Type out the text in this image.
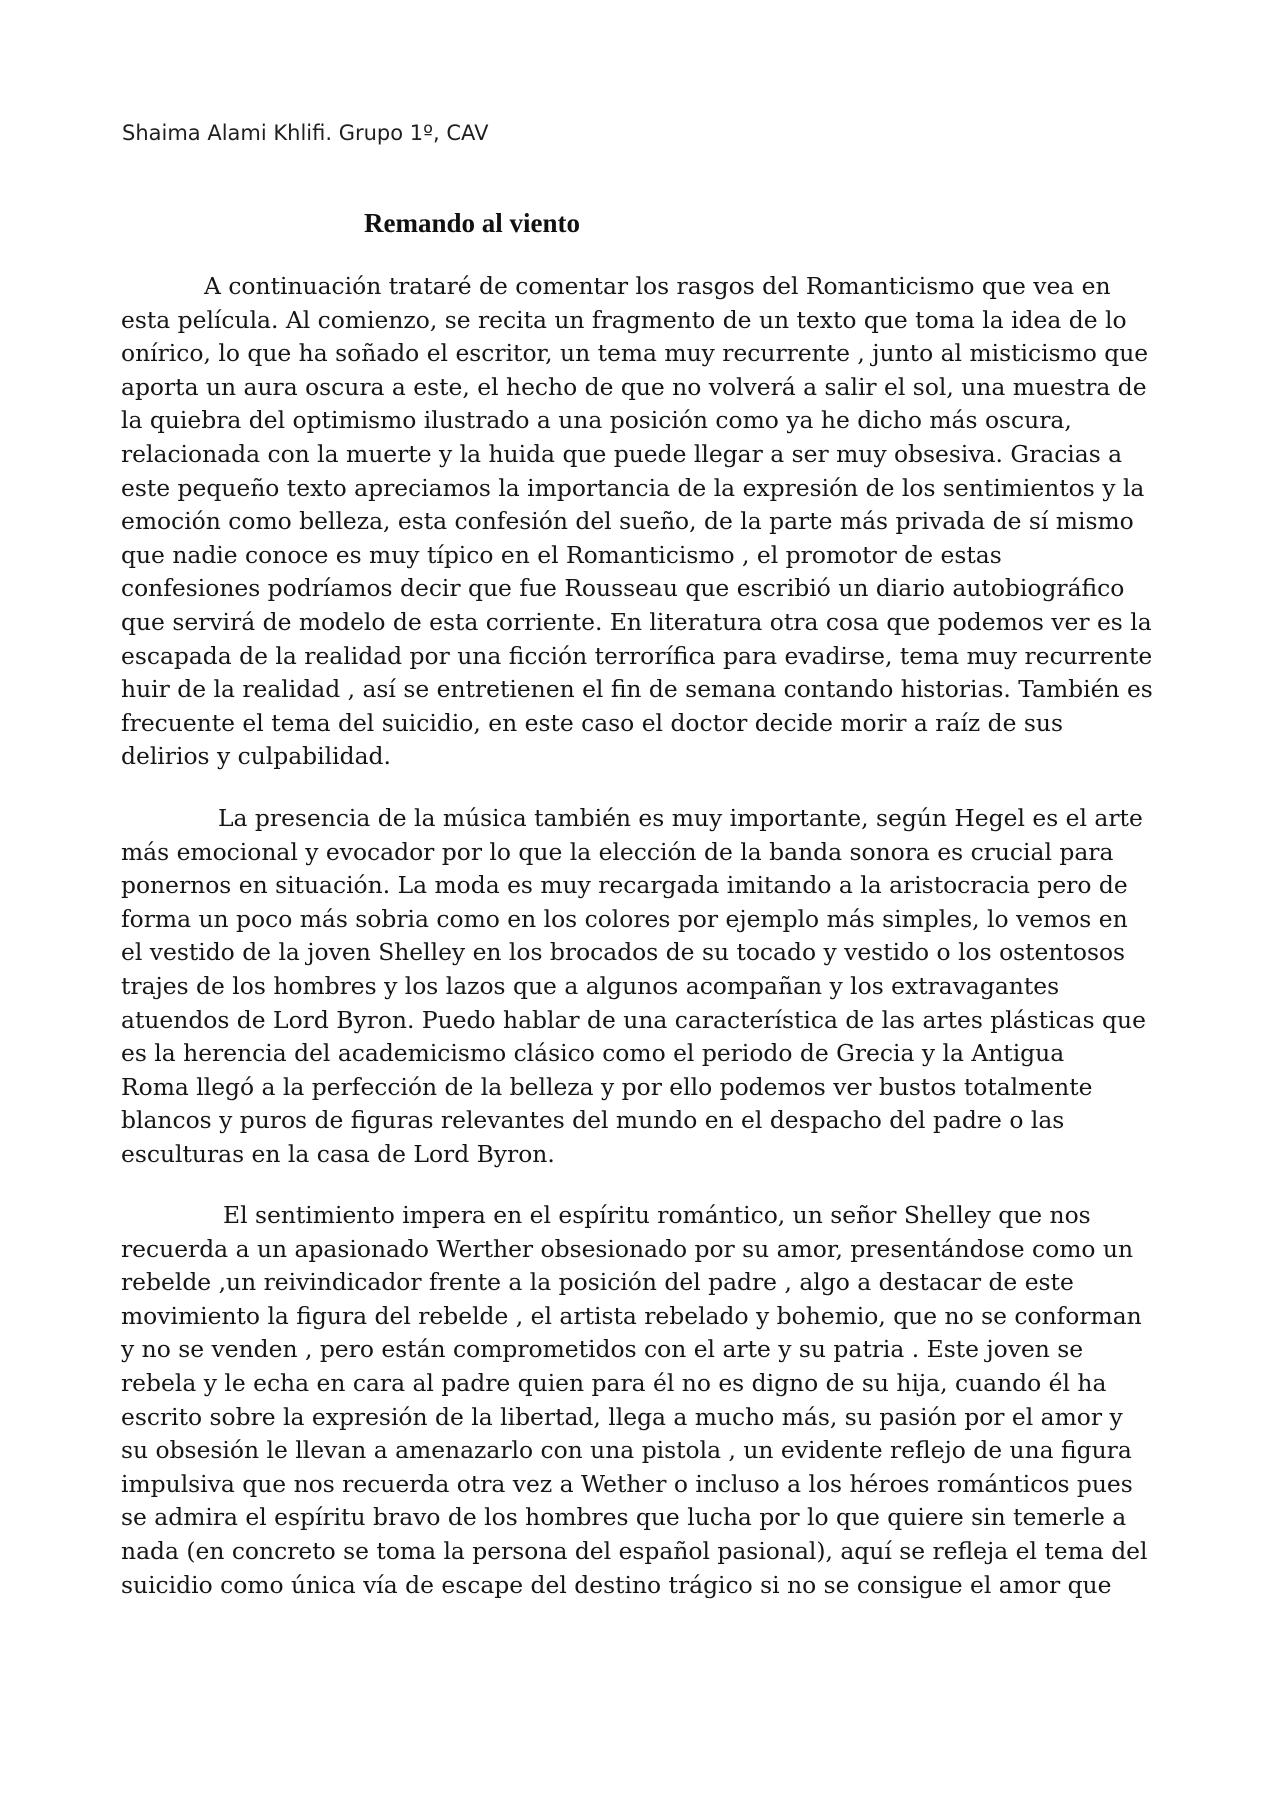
Shaima Alami Khlifi. Grupo 1º, CAV
Remando al viento
A continuación trataré de comentar los rasgos del Romanticismo que vea en
esta película. Al comienzo, se recita un fragmento de un texto que toma la idea de lo
onírico, lo que ha soñado el escritor, un tema muy recurrente , junto al misticismo que
aporta un aura oscura a este, el hecho de que no volverá a salir el sol, una muestra de
la quiebra del optimismo ilustrado a una posición como ya he dicho más oscura,
relacionada con la muerte y la huida que puede llegar a ser muy obsesiva. Gracias a
este pequeño texto apreciamos la importancia de la expresión de los sentimientos y la
emoción como belleza, esta confesión del sueño, de la parte más privada de sí mismo
que nadie conoce es muy típico en el Romanticismo , el promotor de estas
confesiones podríamos decir que fue Rousseau que escribió un diario autobiográfico
que servirá de modelo de esta corriente. En literatura otra cosa que podemos ver es la
escapada de la realidad por una ficción terrorífica para evadirse, tema muy recurrente
huir de la realidad , así se entretienen el fin de semana contando historias. También es
frecuente el tema del suicidio, en este caso el doctor decide morir a raíz de sus
delirios y culpabilidad.
La presencia de la música también es muy importante, según Hegel es el arte
más emocional y evocador por lo que la elección de la banda sonora es crucial para
ponernos en situación. La moda es muy recargada imitando a la aristocracia pero de
forma un poco más sobria como en los colores por ejemplo más simples, lo vemos en
el vestido de la joven Shelley en los brocados de su tocado y vestido o los ostentosos
trajes de los hombres y los lazos que a algunos acompañan y los extravagantes
atuendos de Lord Byron. Puedo hablar de una característica de las artes plásticas que
es la herencia del academicismo clásico como el periodo de Grecia y la Antigua
Roma llegó a la perfección de la belleza y por ello podemos ver bustos totalmente
blancos y puros de figuras relevantes del mundo en el despacho del padre o las
esculturas en la casa de Lord Byron.
El sentimiento impera en el espíritu romántico, un señor Shelley que nos
recuerda a un apasionado Werther obsesionado por su amor, presentándose como un
rebelde ,un reivindicador frente a la posición del padre , algo a destacar de este
movimiento la figura del rebelde , el artista rebelado y bohemio, que no se conforman
y no se venden , pero están comprometidos con el arte y su patria . Este joven se
rebela y le echa en cara al padre quien para él no es digno de su hija, cuando él ha
escrito sobre la expresión de la libertad, llega a mucho más, su pasión por el amor y
su obsesión le llevan a amenazarlo con una pistola , un evidente reflejo de una figura
impulsiva que nos recuerda otra vez a Wether o incluso a los héroes románticos pues
se admira el espíritu bravo de los hombres que lucha por lo que quiere sin temerle a
nada (en concreto se toma la persona del español pasional), aquí se refleja el tema del
suicidio como única vía de escape del destino trágico si no se consigue el amor que
